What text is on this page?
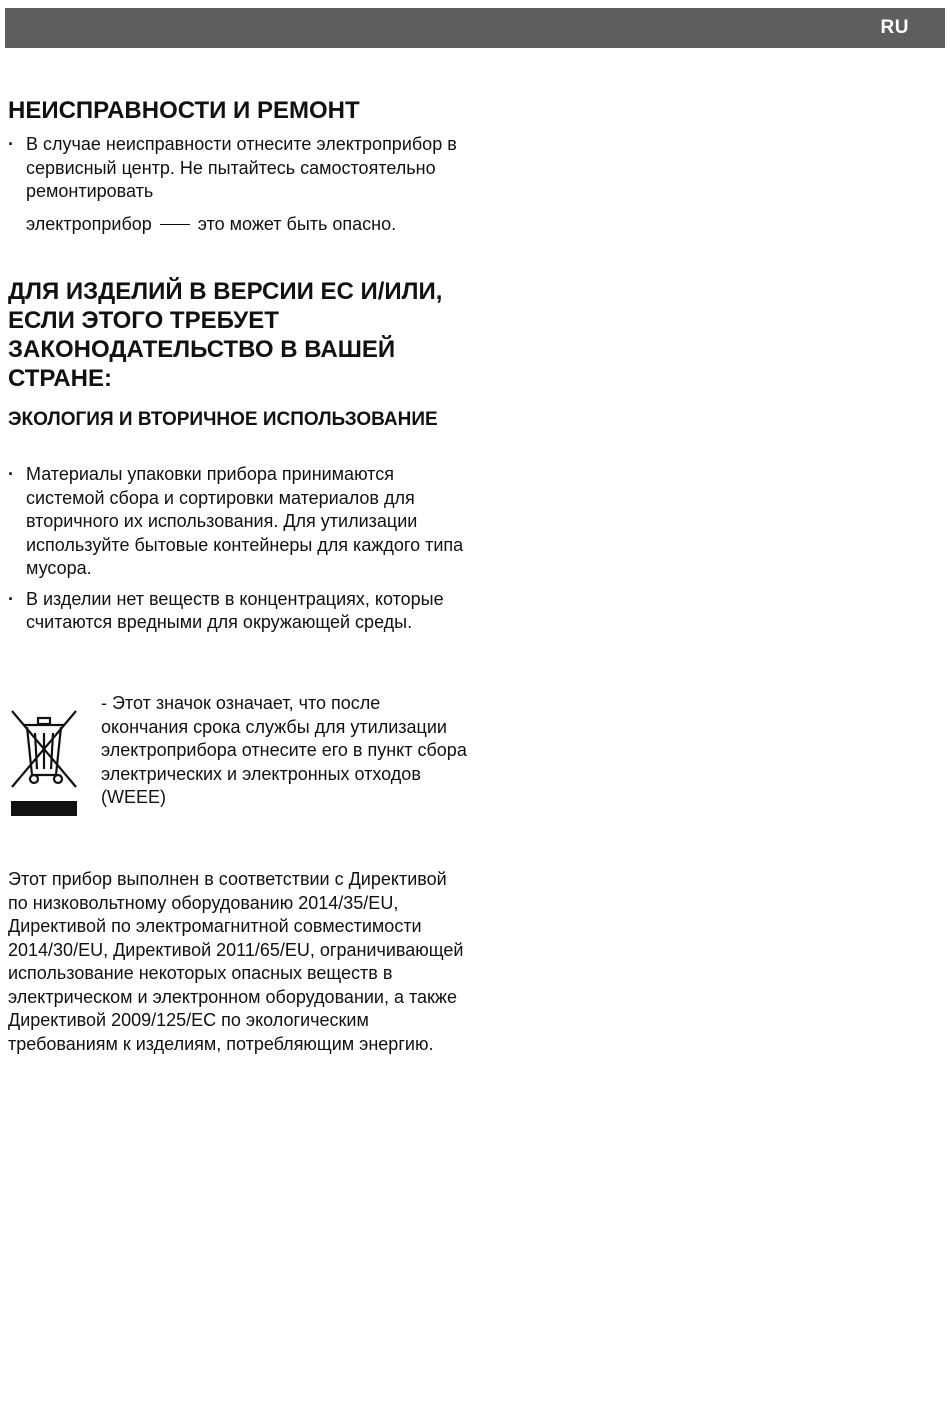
RU
НЕИСПРАВНОСТИ И РЕМОНТ
· В случае неисправности отнесите электроприбор в сервисный центр. Не пытайтесь самостоятельно ремонтировать
электроприбор	это может быть опасно.
ДЛЯ ИЗДЕЛИЙ В ВЕРСИИ ЕС И/ИЛИ, ЕСЛИ ЭТОГО ТРЕБУЕТ ЗАКОНОДАТЕЛЬСТВО В ВАШЕЙ СТРАНЕ:
ЭКОЛОГИЯ И ВТОРИЧНОЕ ИСПОЛЬЗОВАНИЕ
· Материалы упаковки прибора принимаются системой сбора и сортировки материалов для вторичного их использования. Для утилизации используйте бытовые контейнеры для каждого типа мусора.
· В изделии нет веществ в концентрациях, которые считаются вредными для окружающей среды.

- Этот значок означает, что после окончания срока службы для утилизации электроприбора отнесите его в пункт сбора электрических и электронных отходов (WEEE)

Этот прибор выполнен в соответствии с Директивой по низковольтному оборудованию 2014/35/EU, Директивой по электромагнитной совместимости 2014/30/EU, Директивой 2011/65/EU, ограничивающей использование некоторых опасных веществ в электрическом и электронном оборудовании, а также Директивой 2009/125/EC по экологическим требованиям к изделиям, потребляющим энергию.
